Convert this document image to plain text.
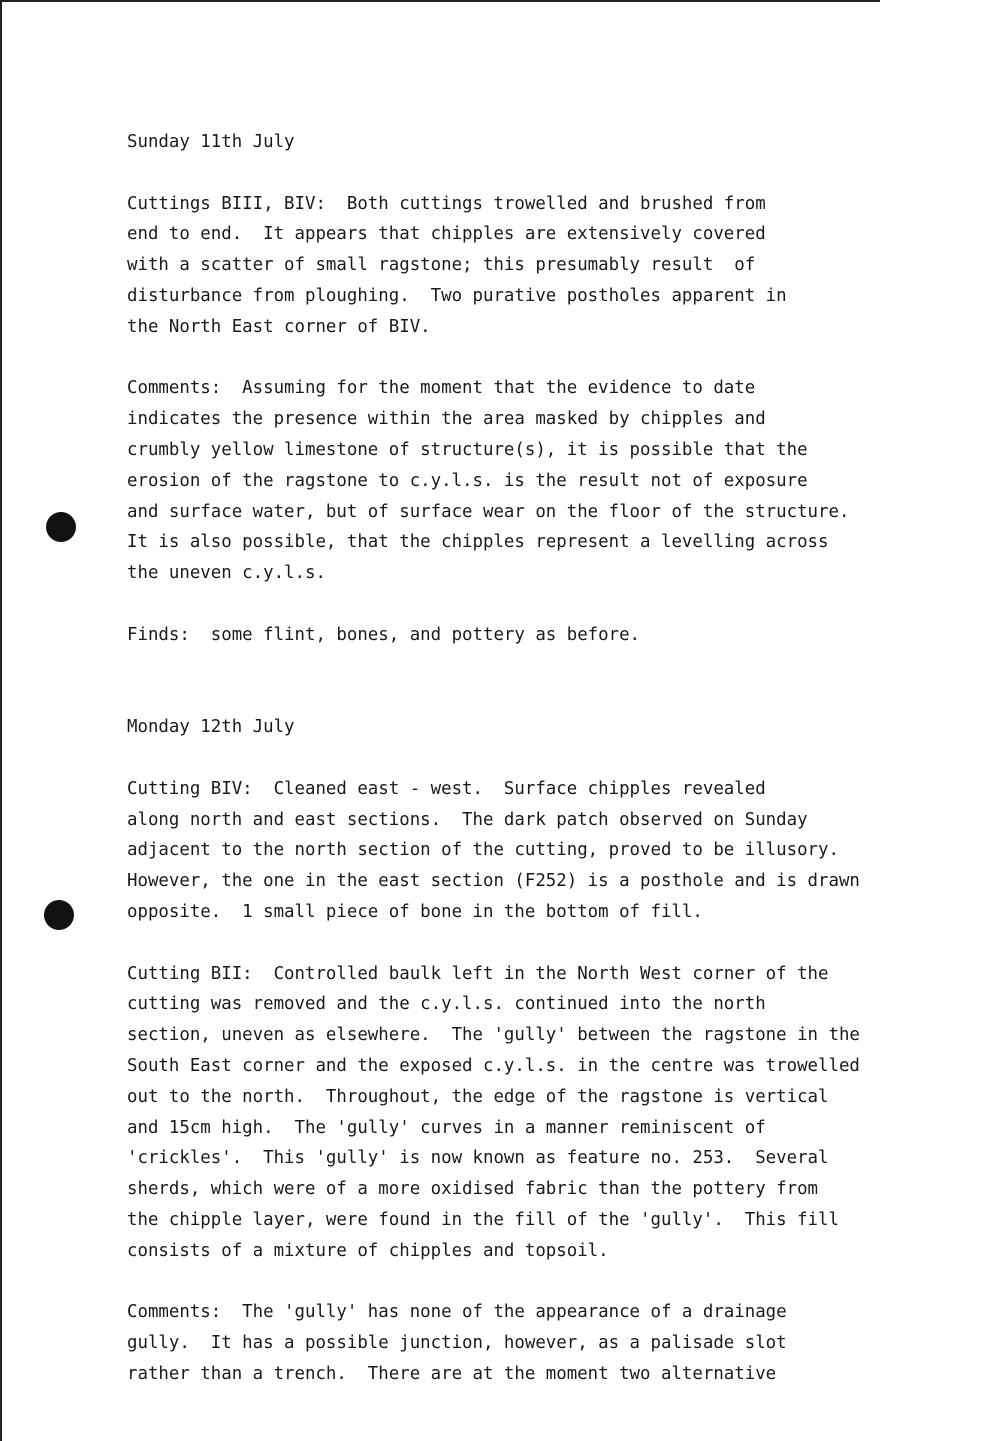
Sunday 11th July
Cuttings BIII, BIV:  Both cuttings trowelled and brushed from
end to end.  It appears that chipples are extensively covered
with a scatter of small ragstone; this presumably result  of
disturbance from ploughing.  Two purative postholes apparent in
the North East corner of BIV.
Comments:  Assuming for the moment that the evidence to date
indicates the presence within the area masked by chipples and
crumbly yellow limestone of structure(s), it is possible that the
erosion of the ragstone to c.y.l.s. is the result not of exposure
and surface water, but of surface wear on the floor of the structure.
It is also possible, that the chipples represent a levelling across
the uneven c.y.l.s.
Finds:  some flint, bones, and pottery as before.
Monday 12th July
Cutting BIV:  Cleaned east - west.  Surface chipples revealed
along north and east sections.  The dark patch observed on Sunday
adjacent to the north section of the cutting, proved to be illusory.
However, the one in the east section (F252) is a posthole and is drawn
opposite.  1 small piece of bone in the bottom of fill.
Cutting BII:  Controlled baulk left in the North West corner of the
cutting was removed and the c.y.l.s. continued into the north
section, uneven as elsewhere.  The 'gully' between the ragstone in the
South East corner and the exposed c.y.l.s. in the centre was trowelled
out to the north.  Throughout, the edge of the ragstone is vertical
and 15cm high.  The 'gully' curves in a manner reminiscent of
'crickles'.  This 'gully' is now known as feature no. 253.  Several
sherds, which were of a more oxidised fabric than the pottery from
the chipple layer, were found in the fill of the 'gully'.  This fill
consists of a mixture of chipples and topsoil.
Comments:  The 'gully' has none of the appearance of a drainage
gully.  It has a possible junction, however, as a palisade slot
rather than a trench.  There are at the moment two alternative
